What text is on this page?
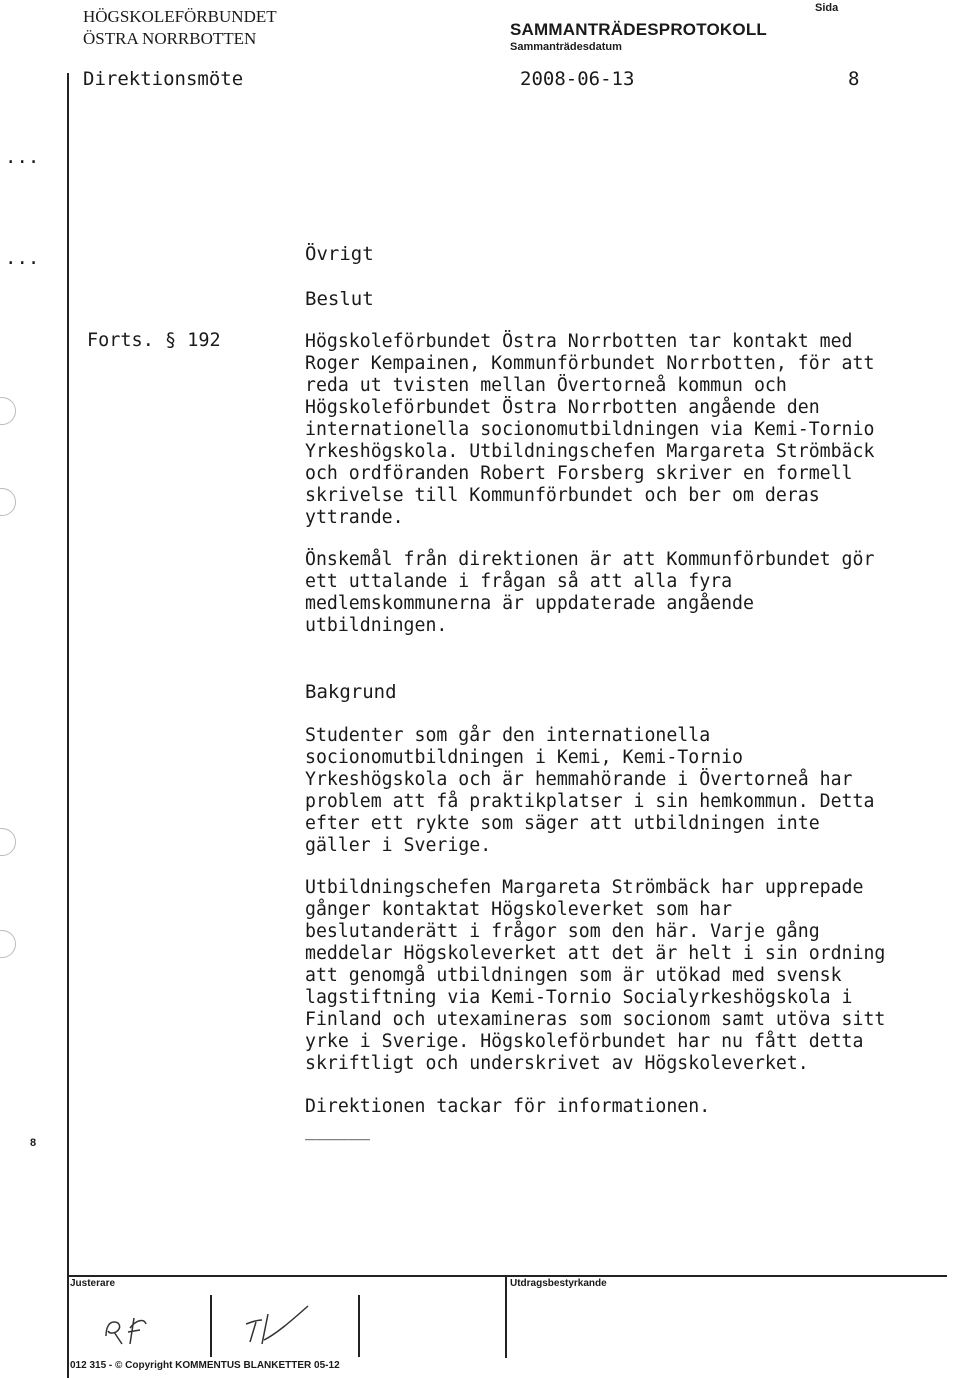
HÖGSKOLEFÖRBUNDET
ÖSTRA NORRBOTTEN	SAMMANTRÄDESPROTOKOLL
Sammanträdesdatum
Sida
Direktionsmöte	2008-06-13	8
...
...
Forts. § 192
8
Övrigt
Beslut
Högskoleförbundet Östra Norrbotten tar kontakt med
Roger Kempainen, Kommunförbundet Norrbotten, för att
reda ut tvisten mellan Övertorneå kommun och
Högskoleförbundet Östra Norrbotten angående den
internationella socionomutbildningen via Kemi-Tornio
Yrkeshögskola. Utbildningschefen Margareta Strömbäck
och ordföranden Robert Forsberg skriver en formell
skrivelse till Kommunförbundet och ber om deras
yttrande.
Önskemål från direktionen är att Kommunförbundet gör
ett uttalande i frågan så att alla fyra
medlemskommunerna är uppdaterade angående
utbildningen.
Bakgrund
Studenter som går den internationella
socionomutbildningen i Kemi, Kemi-Tornio
Yrkeshögskola och är hemmahörande i Övertorneå har
problem att få praktikplatser i sin hemkommun. Detta
efter ett rykte som säger att utbildningen inte
gäller i Sverige.
Utbildningschefen Margareta Strömbäck har upprepade
gånger kontaktat Högskoleverket som har
beslutanderätt i frågor som den här. Varje gång
meddelar Högskoleverket att det är helt i sin ordning
att genomgå utbildningen som är utökad med svensk
lagstiftning via Kemi-Tornio Socialyrkeshögskola i
Finland och utexamineras som socionom samt utöva sitt
yrke i Sverige. Högskoleförbundet har nu fått detta
skriftligt och underskrivet av Högskoleverket.
Direktionen tackar för informationen.
______
Justerare	Utdragsbestyrkande
012 315 - © Copyright KOMMENTUS BLANKETTER 05-12
